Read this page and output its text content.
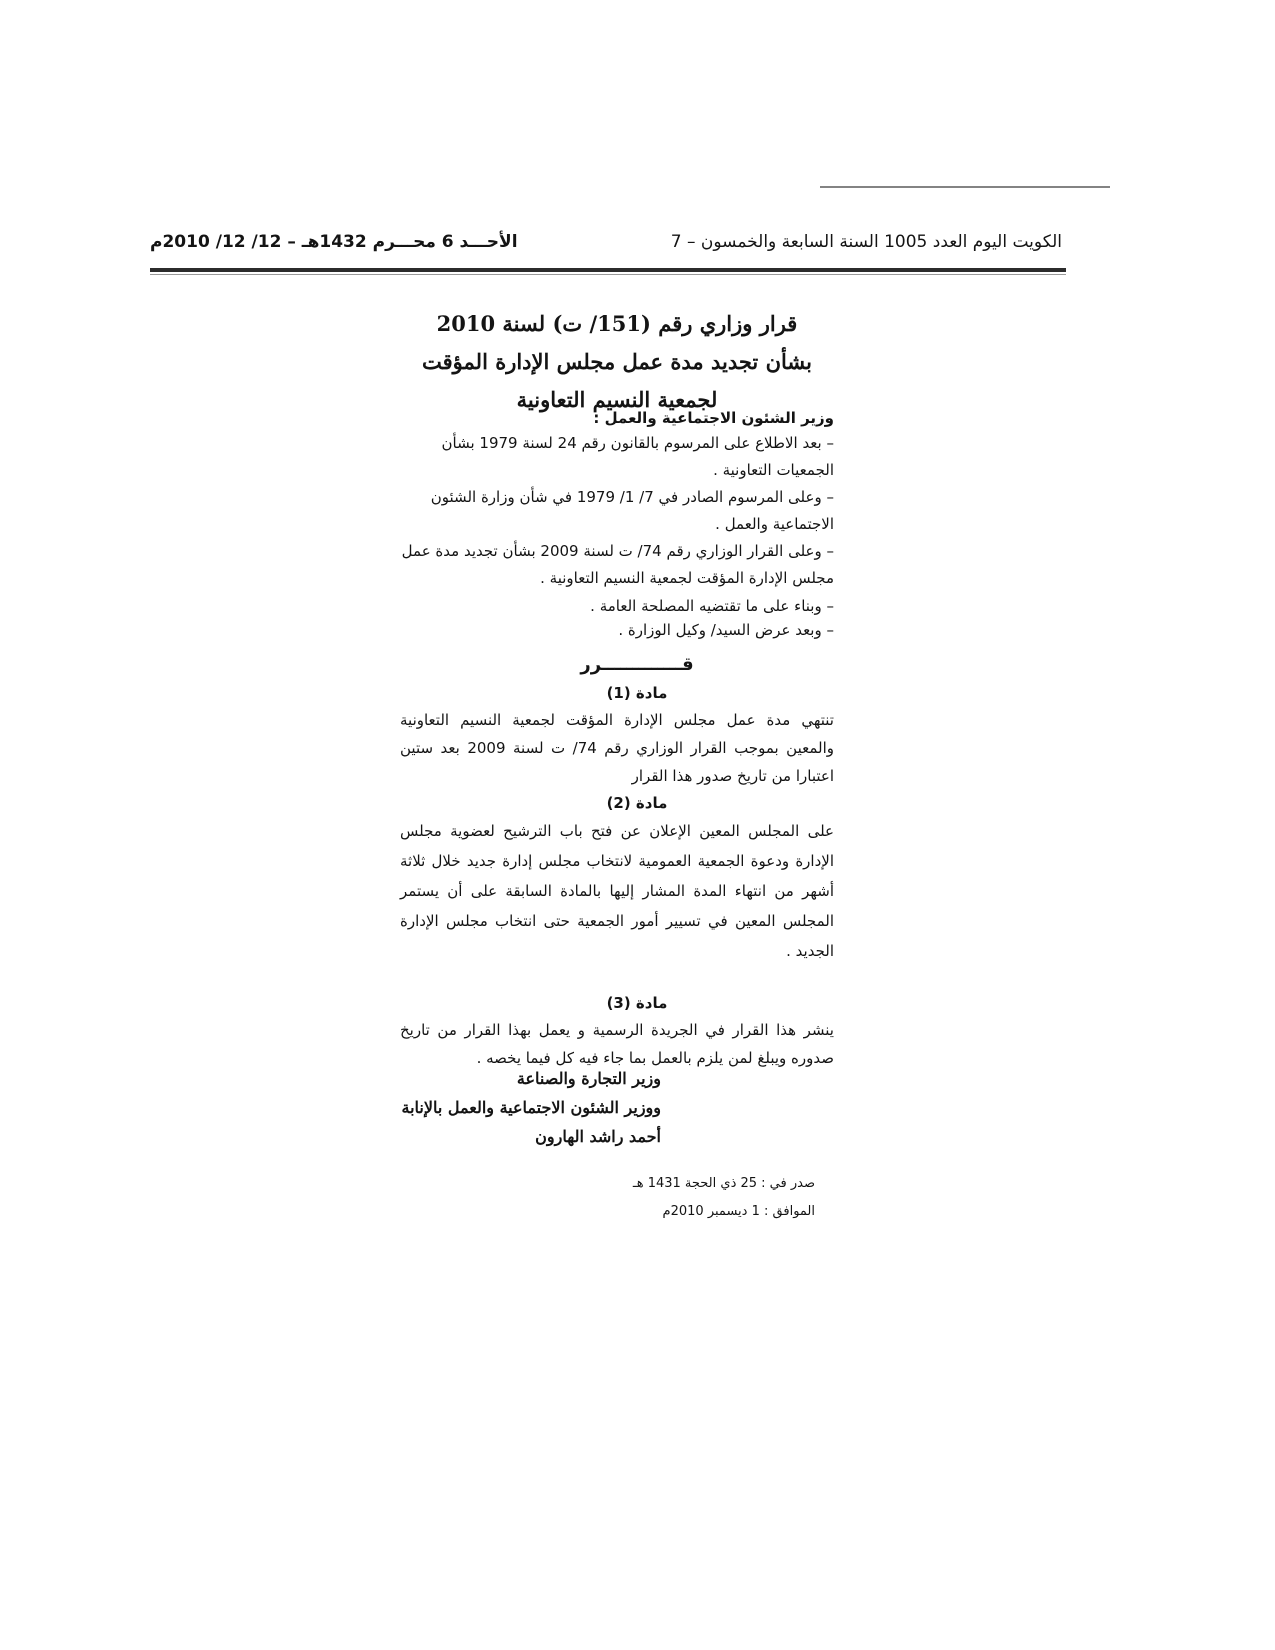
الكويت اليوم العدد 1005 السنة السابعة والخمسون – 7
الأحـــد 6 محـــرم 1432هـ – 12/ 12/ 2010م
قرار وزاري رقم (151/ ت) لسنة 2010
بشأن تجديد مدة عمل مجلس الإدارة المؤقت
لجمعية النسيم التعاونية
وزير الشئون الاجتماعية والعمل :
– بعد الاطلاع على المرسوم بالقانون رقم 24 لسنة 1979 بشأن الجمعيات التعاونية .
– وعلى المرسوم الصادر في 7/ 1/ 1979 في شأن وزارة الشئون الاجتماعية والعمل .
– وعلى القرار الوزاري رقم 74/ ت لسنة 2009 بشأن تجديد مدة عمل مجلس الإدارة المؤقت لجمعية النسيم التعاونية .
– وبناء على ما تقتضيه المصلحة العامة .
– وبعد عرض السيد/ وكيل الوزارة .
قـــــــــــــرر
مادة (1)
تنتهي مدة عمل مجلس الإدارة المؤقت لجمعية النسيم التعاونية والمعين بموجب القرار الوزاري رقم 74/ ت لسنة 2009 بعد ستين اعتبارا من تاريخ صدور هذا القرار
مادة (2)
على المجلس المعين الإعلان عن فتح باب الترشيح لعضوية مجلس الإدارة ودعوة الجمعية العمومية لانتخاب مجلس إدارة جديد خلال ثلاثة أشهر من انتهاء المدة المشار إليها بالمادة السابقة على أن يستمر المجلس المعين في تسيير أمور الجمعية حتى انتخاب مجلس الإدارة الجديد .
مادة (3)
ينشر هذا القرار في الجريدة الرسمية و يعمل بهذا القرار من تاريخ صدوره ويبلغ لمن يلزم بالعمل بما جاء فيه كل فيما يخصه .
وزير التجارة والصناعة
ووزير الشئون الاجتماعية والعمل بالإنابة
أحمد راشد الهارون
صدر في : 25 ذي الحجة 1431 هـ
الموافق : 1 ديسمبر 2010م
